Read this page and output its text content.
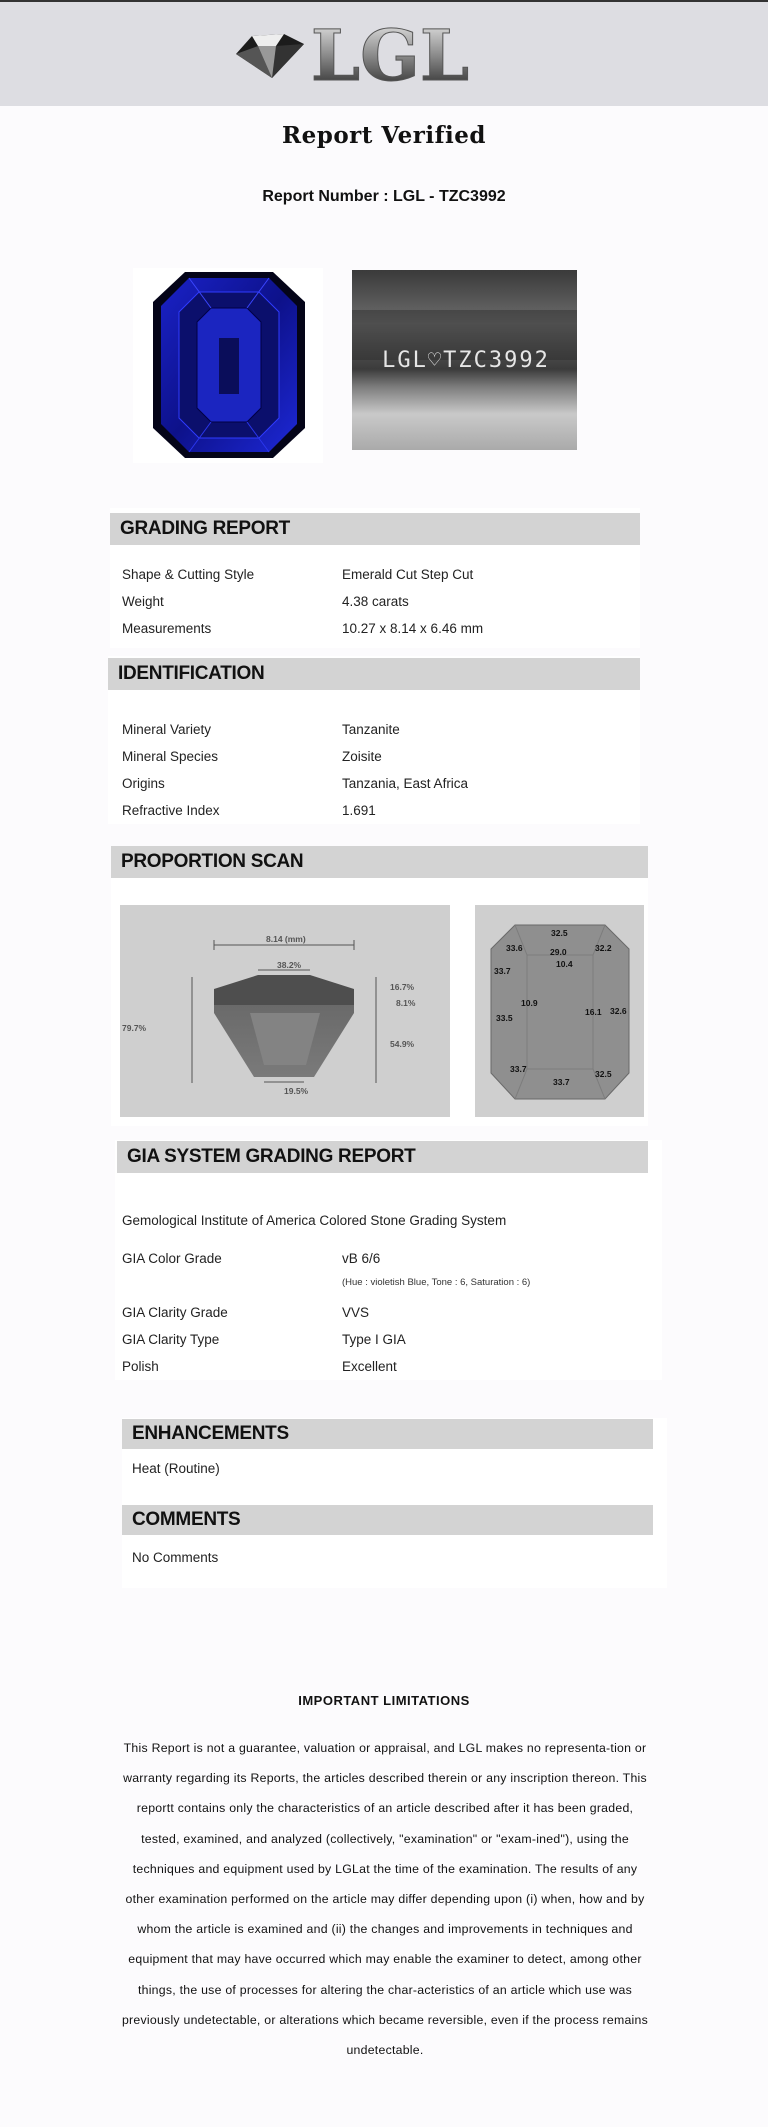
LGL
Report Verified
Report Number : LGL - TZC3992
LGL♡TZC3992
GRADING REPORT
Shape & Cutting Style	Emerald Cut Step Cut
Weight	4.38 carats
Measurements	10.27 x 8.14 x 6.46 mm
IDENTIFICATION
Mineral Variety	Tanzanite
Mineral Species	Zoisite
Origins	Tanzania, East Africa
Refractive Index	1.691
PROPORTION SCAN
8.14 (mm)
38.2%
79.7%
16.7%
8.1%
54.9%
19.5%
32.5
33.6	29.0	32.2
10.4
33.7
10.9
16.1 32.6
33.5
33.7	32.5
33.7
GIA SYSTEM GRADING REPORT
Gemological Institute of America Colored Stone Grading System
GIA Color Grade	vB 6/6
(Hue : violetish Blue, Tone : 6, Saturation : 6)
GIA Clarity Grade	VVS
GIA Clarity Type	Type I GIA
Polish	Excellent
ENHANCEMENTS
Heat (Routine)
COMMENTS
No Comments
IMPORTANT LIMITATIONS
This Report is not a guarantee, valuation or appraisal, and LGL makes no representa-tion or warranty regarding its Reports, the articles described therein or any inscription thereon. This reportt contains only the characteristics of an article described after it has been graded, tested, examined, and analyzed (collectively, "examination" or "exam-ined"), using the techniques and equipment used by LGLat the time of the examination. The results of any other examination performed on the article may differ depending upon (i) when, how and by whom the article is examined and (ii) the changes and improvements in techniques and equipment that may have occurred which may enable the examiner to detect, among other things, the use of processes for altering the char-acteristics of an article which use was previously undetectable, or alterations which became reversible, even if the process remains undetectable.
